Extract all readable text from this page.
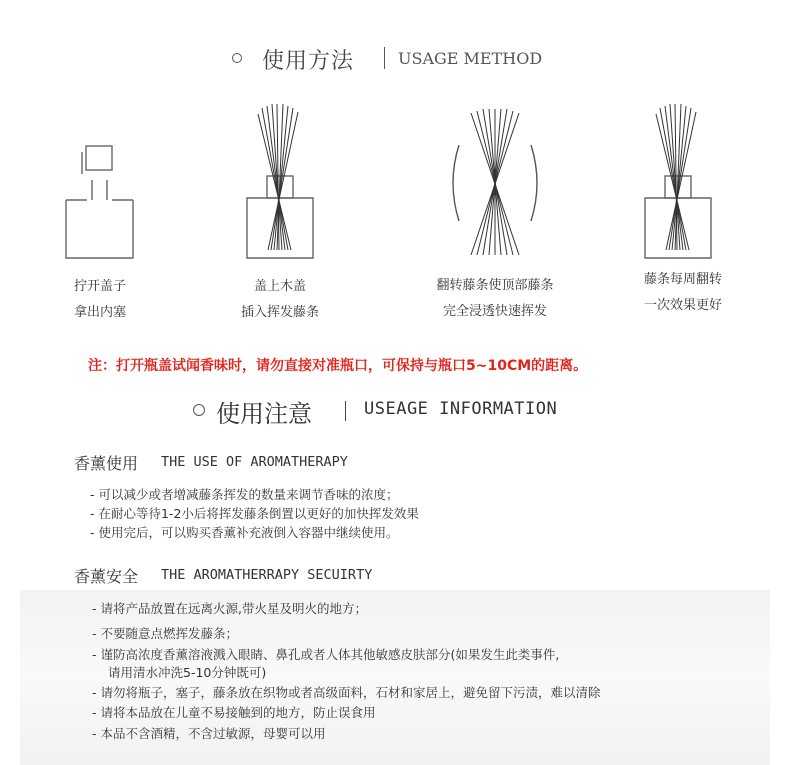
使用方法	USAGE METHOD
拧开盖子
拿出内塞
盖上木盖
插入挥发藤条
翻转藤条使顶部藤条
完全浸透快速挥发
藤条每周翻转
一次效果更好
注：打开瓶盖试闻香味时，请勿直接对准瓶口，可保持与瓶口5~10CM的距离。
使用注意	USEAGE INFORMATION
香薰使用 THE USE OF AROMATHERAPY
- 可以减少或者增减藤条挥发的数量来调节香味的浓度；
- 在耐心等待1-2小后将挥发藤条倒置以更好的加快挥发效果
- 使用完后，可以购买香薰补充液倒入容器中继续使用。
香薰安全 THE AROMATHERRAPY SECUIRTY
- 请将产品放置在远离火源,带火星及明火的地方；
- 不要随意点燃挥发藤条；
- 谨防高浓度香薰溶液溅入眼睛、鼻孔或者人体其他敏感皮肤部分(如果发生此类事件,
请用清水冲洗5-10分钟既可)
- 请勿将瓶子，塞子，藤条放在织物或者高级面料，石材和家居上，避免留下污渍，难以清除
- 请将本品放在儿童不易接触到的地方，防止误食用
- 本品不含酒精，不含过敏源，母婴可以用
